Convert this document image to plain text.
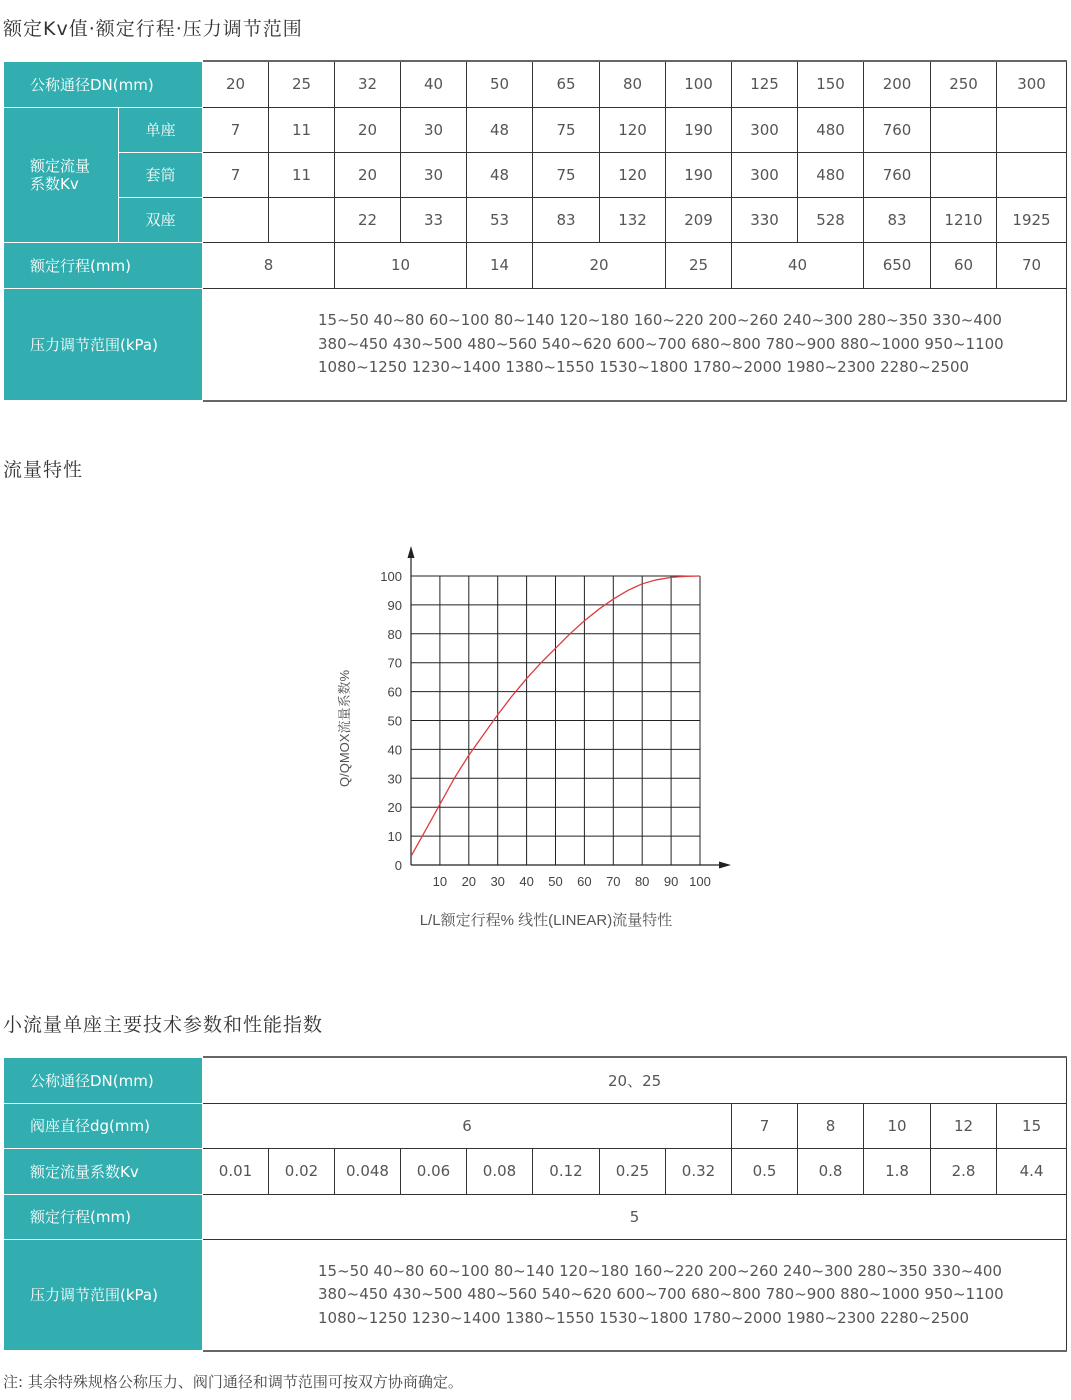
额定Kv值·额定行程·压力调节范围
公称通径DN(mm)		20	25	32	40	50	65	80	100	125	150	200	250	300

额定流量系数Kv	单座	7	11	20	30	48	75	120	190	300	480	760		
	套筒	7	11	20	30	48	75	120	190	300	480	760		
	双座			22	33	53	83	132	209	330	528	83	1210	1925
额定行程(mm)		8		10		14	20		25	40		650	60	70
压力调节范围(kPa)		15~50 40~80 60~100 80~140 120~180 160~220 200~260 240~300 280~350 330~400
380~450 430~500 480~560 540~620 600~700 680~800 780~900 880~1000 950~1100
1080~1250 1230~1400 1380~1550 1530~1800 1780~2000 1980~2300 2280~2500												
流量特性
0
10
20
30
40
50
60
70
80
90
100
10 20 30 40 50 60 70 80 90 100
Q/QMOX流量系数%
L/L额定行程% 线性(LINEAR)流量特性
小流量单座主要技术参数和性能指数
公称通径DN(mm)	20、25												
阀座直径dg(mm)	6								7	8	10	12	15
额定流量系数Kv	0.01	0.02	0.048	0.06	0.08	0.12	0.25	0.32	0.5	0.8	1.8	2.8	4.4
额定行程(mm)	5												
压力调节范围(kPa)	15~50 40~80 60~100 80~140 120~180 160~220 200~260 240~300 280~350 330~400
380~450 430~500 480~560 540~620 600~700 680~800 780~900 880~1000 950~1100
1080~1250 1230~1400 1380~1550 1530~1800 1780~2000 1980~2300 2280~2500												
注: 其余特殊规格公称压力、阀门通径和调节范围可按双方协商确定。
